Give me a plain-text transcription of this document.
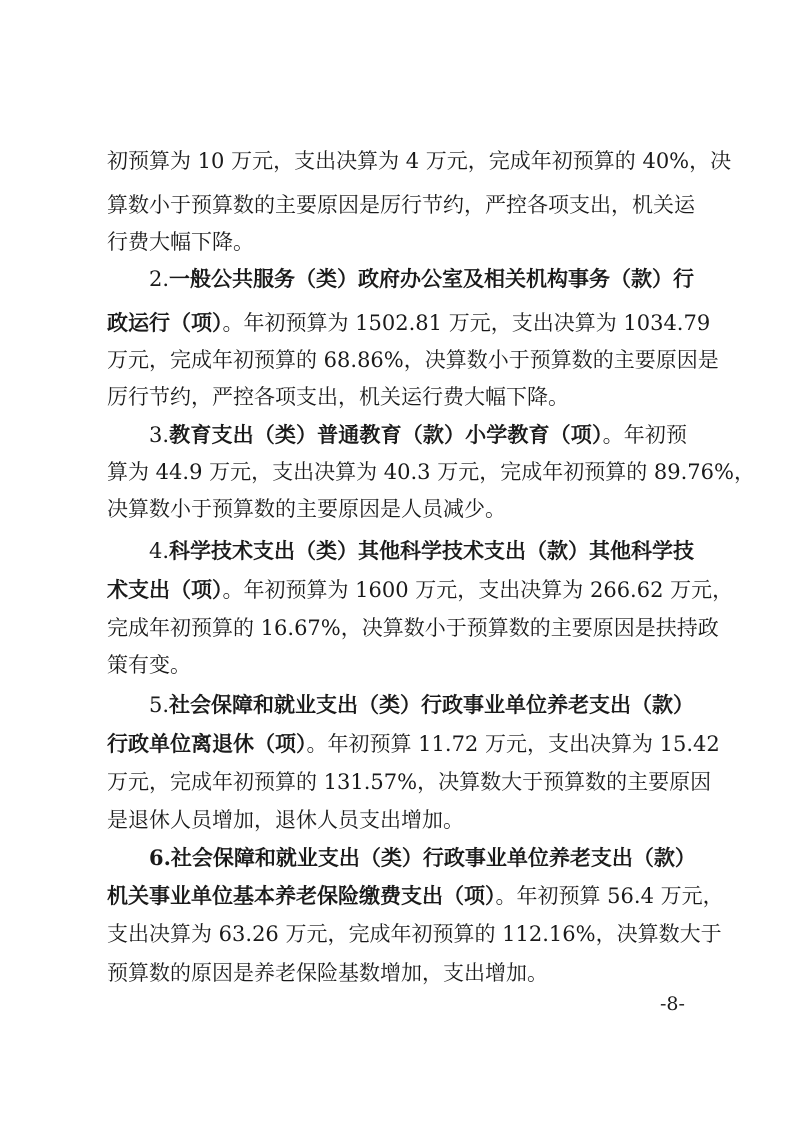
初预算为 10 万元，支出决算为 4 万元，完成年初预算的 40%，决
算数小于预算数的主要原因是厉行节约，严控各项支出，机关运
行费大幅下降。
2.一般公共服务（类）政府办公室及相关机构事务（款）行
政运行（项）。年初预算为 1502.81 万元，支出决算为 1034.79
万元，完成年初预算的 68.86%，决算数小于预算数的主要原因是
厉行节约，严控各项支出，机关运行费大幅下降。
3.教育支出（类）普通教育（款）小学教育（项）。年初预
算为 44.9 万元，支出决算为 40.3 万元，完成年初预算的 89.76%，
决算数小于预算数的主要原因是人员减少。
4.科学技术支出（类）其他科学技术支出（款）其他科学技
术支出（项）。年初预算为 1600 万元，支出决算为 266.62 万元，
完成年初预算的 16.67%，决算数小于预算数的主要原因是扶持政
策有变。
5.社会保障和就业支出（类）行政事业单位养老支出（款）
行政单位离退休（项）。年初预算 11.72 万元，支出决算为 15.42
万元，完成年初预算的 131.57%，决算数大于预算数的主要原因
是退休人员增加，退休人员支出增加。
6.社会保障和就业支出（类）行政事业单位养老支出（款）
机关事业单位基本养老保险缴费支出（项）。年初预算 56.4 万元，
支出决算为 63.26 万元，完成年初预算的 112.16%，决算数大于
预算数的原因是养老保险基数增加，支出增加。
-8-
